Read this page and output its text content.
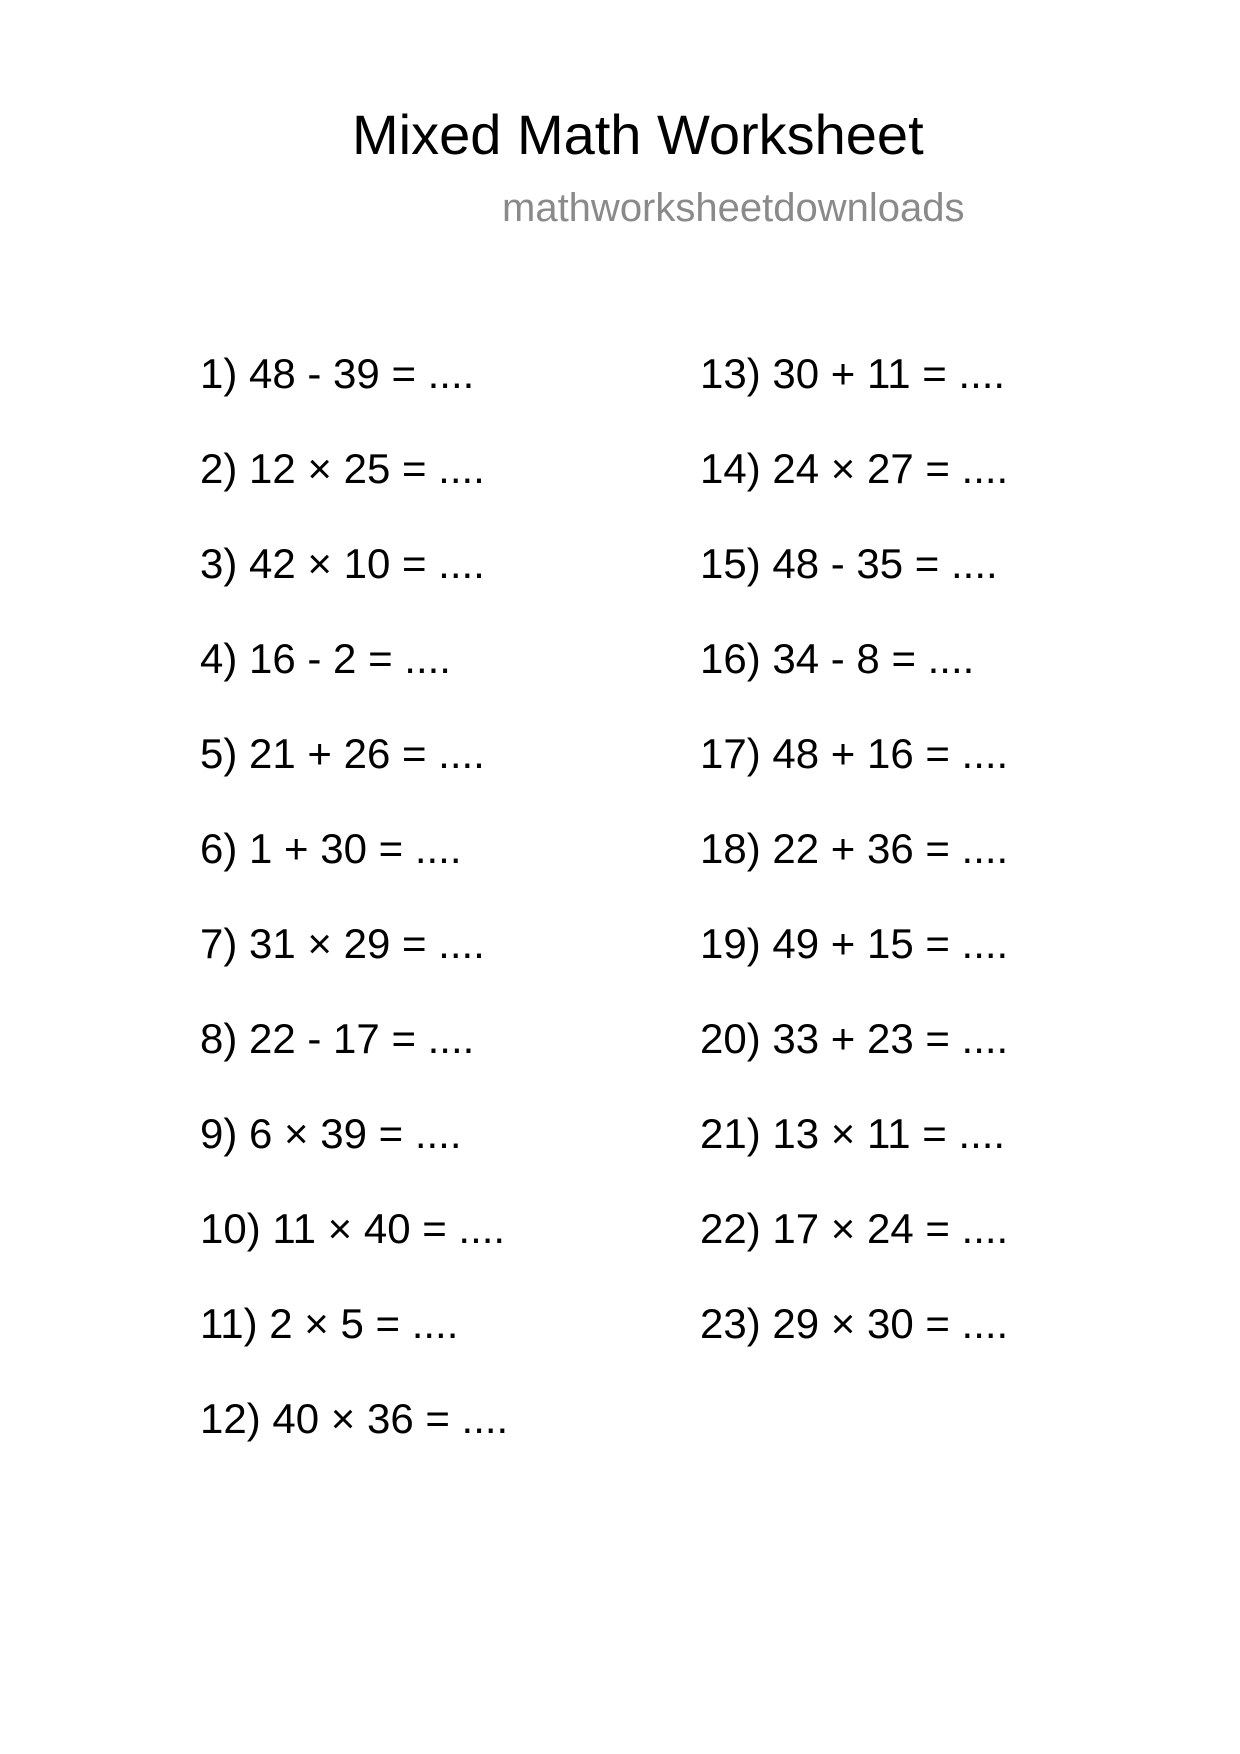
Mixed Math Worksheet
mathworksheetdownloads
1) 48 - 39 = ....
2) 12 × 25 = ....
3) 42 × 10 = ....
4) 16 - 2 = ....
5) 21 + 26 = ....
6) 1 + 30 = ....
7) 31 × 29 = ....
8) 22 - 17 = ....
9) 6 × 39 = ....
10) 11 × 40 = ....
11) 2 × 5 = ....
12) 40 × 36 = ....
13) 30 + 11 = ....
14) 24 × 27 = ....
15) 48 - 35 = ....
16) 34 - 8 = ....
17) 48 + 16 = ....
18) 22 + 36 = ....
19) 49 + 15 = ....
20) 33 + 23 = ....
21) 13 × 11 = ....
22) 17 × 24 = ....
23) 29 × 30 = ....
